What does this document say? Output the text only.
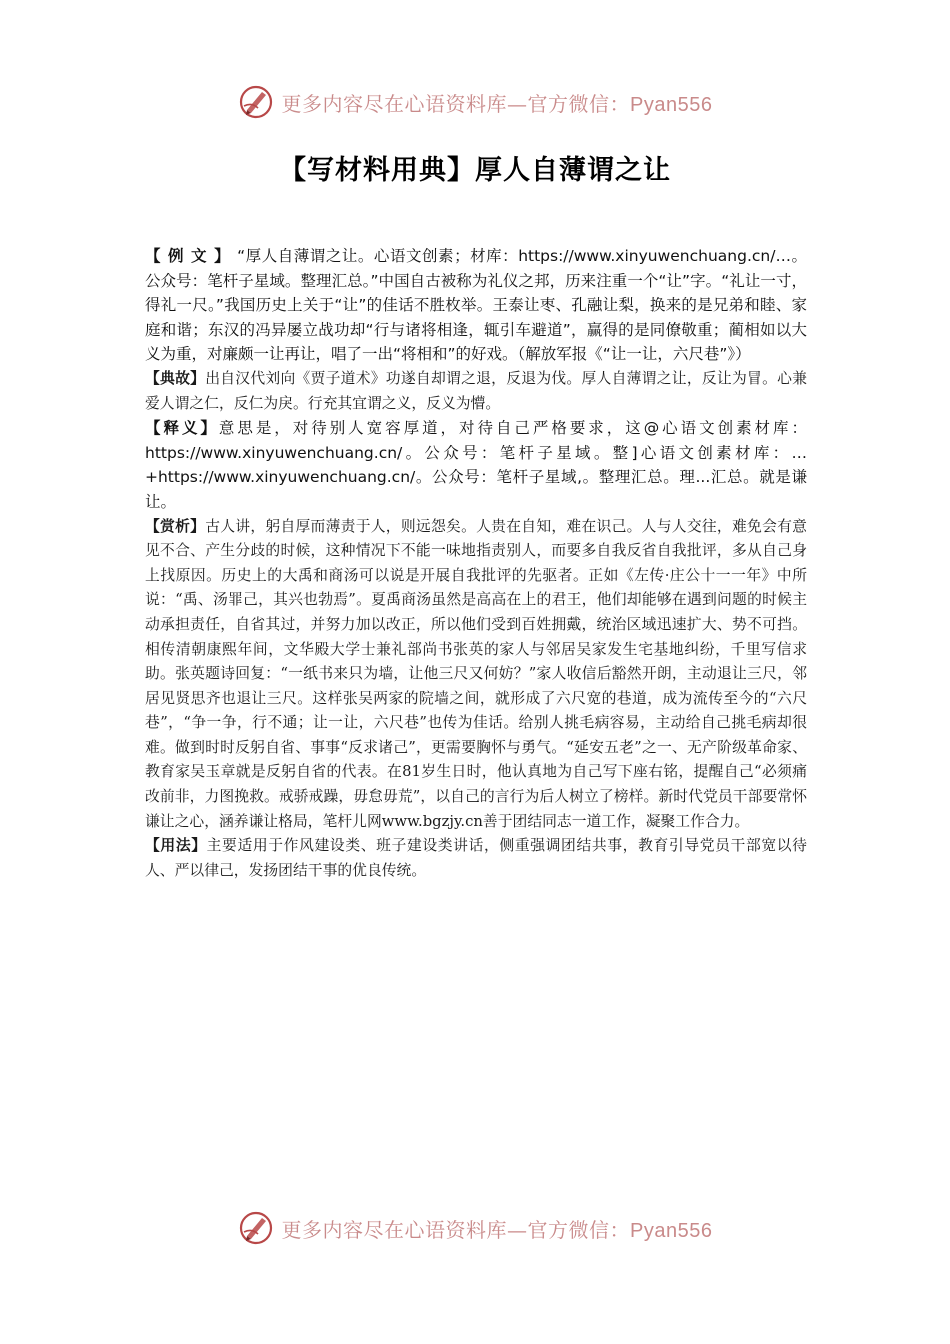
更多内容尽在心语资料库—官方微信：Pyan556
【写材料用典】厚人自薄谓之让

【例文】“厚人自薄谓之让。心语文创素；材库：https://www.xinyuwenchuang.cn/…。公众号：笔杆子星域。整理汇总。”中国自古被称为礼仪之邦，历来注重一个“让”字。“礼让一寸，得礼一尺。”我国历史上关于“让”的佳话不胜枚举。王泰让枣、孔融让梨，换来的是兄弟和睦、家庭和谐；东汉的冯异屡立战功却“行与诸将相逢，辄引车避道”，赢得的是同僚敬重；蔺相如以大义为重，对廉颇一让再让，唱了一出“将相和”的好戏。（解放军报《“让一让，六尺巷”》）

【典故】出自汉代刘向《贾子道术》功遂自却谓之退，反退为伐。厚人自薄谓之让，反让为冒。心兼爱人谓之仁，反仁为戾。行充其宜谓之义，反义为懵。

【释义】意思是，对待别人宽容厚道，对待自己严格要求，这@心语文创素材库：https://www.xinyuwenchuang.cn/。公众号：笔杆子星域。整]心语文创素材库：…+https://www.xinyuwenchuang.cn/。公众号：笔杆子星域,。整理汇总。理...汇总。就是谦让。

【赏析】古人讲，躬自厚而薄责于人，则远怨矣。人贵在自知，难在识己。人与人交往，难免会有意见不合、产生分歧的时候，这种情况下不能一味地指责别人，而要多自我反省自我批评，多从自己身上找原因。历史上的大禹和商汤可以说是开展自我批评的先驱者。正如《左传·庄公十一一年》中所说：“禹、汤罪己，其兴也勃焉”。夏禹商汤虽然是高高在上的君王，他们却能够在遇到问题的时候主动承担责任，自省其过，并努力加以改正，所以他们受到百姓拥戴，统治区域迅速扩大、势不可挡。相传清朝康熙年间，文华殿大学士兼礼部尚书张英的家人与邻居吴家发生宅基地纠纷，千里写信求助。张英题诗回复：“一纸书来只为墙，让他三尺又何妨？”家人收信后豁然开朗，主动退让三尺，邻居见贤思齐也退让三尺。这样张吴两家的院墙之间，就形成了六尺宽的巷道，成为流传至今的“六尺巷”，“争一争，行不通；让一让，六尺巷”也传为佳话。给别人挑毛病容易，主动给自己挑毛病却很难。做到时时反躬自省、事事“反求诸己”，更需要胸怀与勇气。“延安五老”之一、无产阶级革命家、教育家吴玉章就是反躬自省的代表。在81岁生日时，他认真地为自己写下座右铭，提醒自己“必须痛改前非，力图挽救。戒骄戒躁，毋怠毋荒”，以自己的言行为后人树立了榜样。新时代党员干部要常怀谦让之心，涵养谦让格局，笔杆儿网www.bgzjy.cn善于团结同志一道工作，凝聚工作合力。

【用法】主要适用于作风建设类、班子建设类讲话，侧重强调团结共事，教育引导党员干部宽以待人、严以律己，发扬团结干事的优良传统。

更多内容尽在心语资料库—官方微信：Pyan556
